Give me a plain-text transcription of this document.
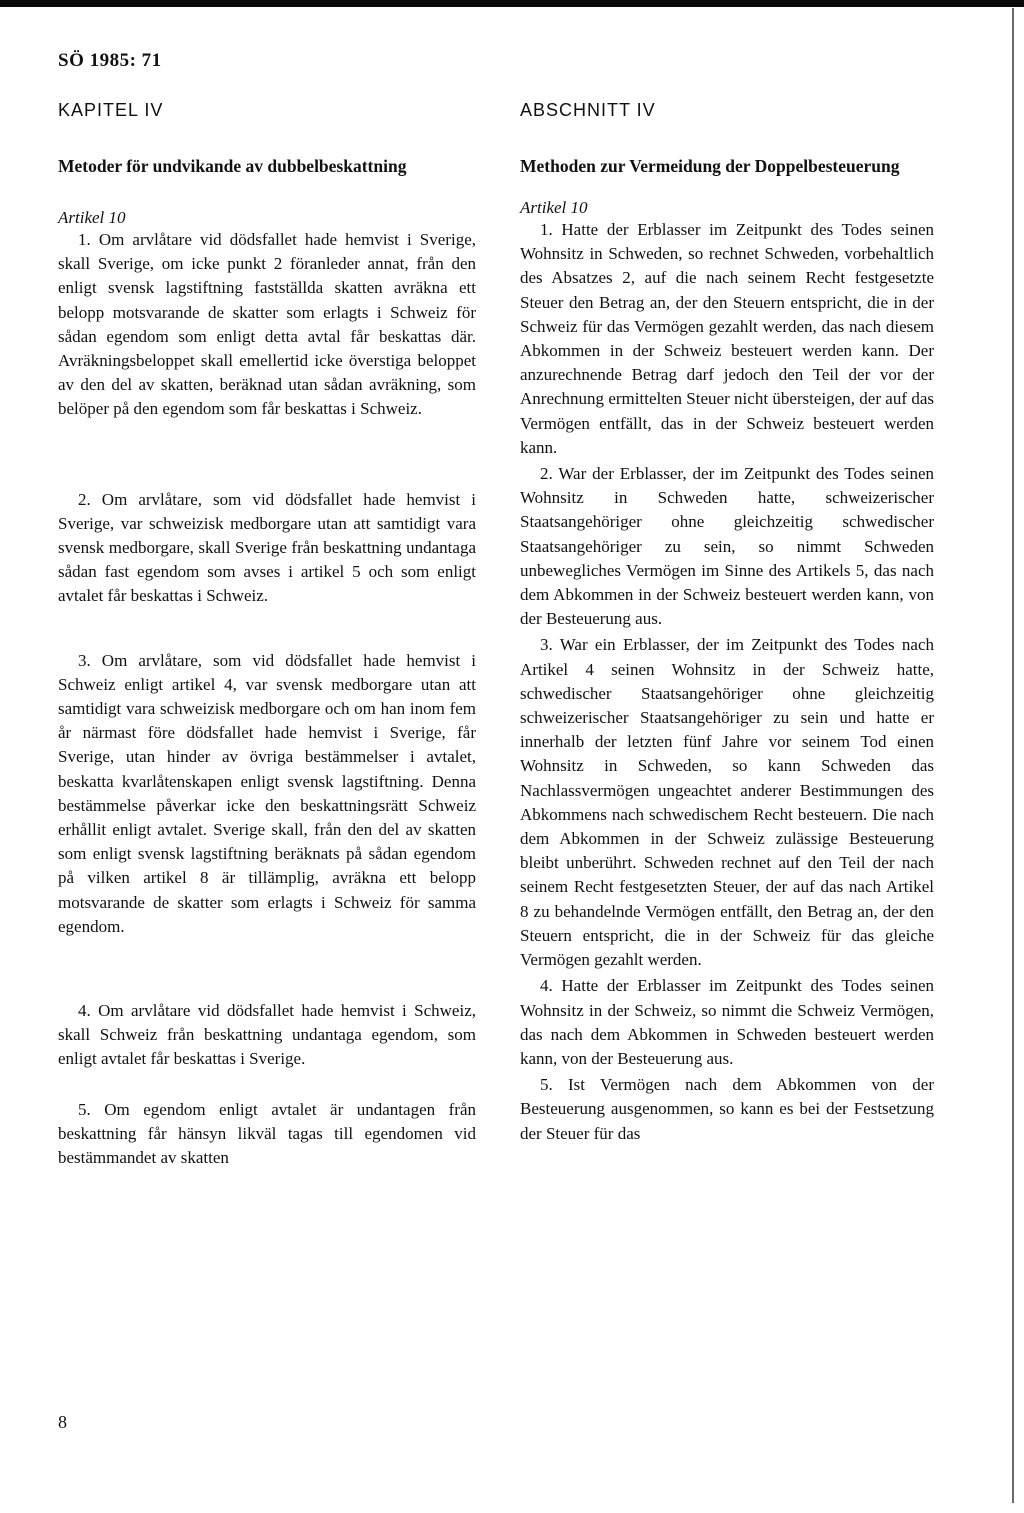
SÖ 1985: 71
KAPITEL IV

Metoder för undvikande av dubbelbeskattning

Artikel 10

1. Om arvlåtare vid dödsfallet hade hemvist i Sverige, skall Sverige, om icke punkt 2 föranleder annat, från den enligt svensk lagstiftning fastställda skatten avräkna ett belopp motsvarande de skatter som erlagts i Schweiz för sådan egendom som enligt detta avtal får beskattas där. Avräkningsbeloppet skall emellertid icke överstiga beloppet av den del av skatten, beräknad utan sådan avräkning, som belöper på den egendom som får beskattas i Schweiz.

2. Om arvlåtare, som vid dödsfallet hade hemvist i Sverige, var schweizisk medborgare utan att samtidigt vara svensk medborgare, skall Sverige från beskattning undantaga sådan fast egendom som avses i artikel 5 och som enligt avtalet får beskattas i Schweiz.

3. Om arvlåtare, som vid dödsfallet hade hemvist i Schweiz enligt artikel 4, var svensk medborgare utan att samtidigt vara schweizisk medborgare och om han inom fem år närmast före dödsfallet hade hemvist i Sverige, får Sverige, utan hinder av övriga bestämmelser i avtalet, beskatta kvarlåtenskapen enligt svensk lagstiftning. Denna bestämmelse påverkar icke den beskattningsrätt Schweiz erhållit enligt avtalet. Sverige skall, från den del av skatten som enligt svensk lagstiftning beräknats på sådan egendom på vilken artikel 8 är tillämplig, avräkna ett belopp motsvarande de skatter som erlagts i Schweiz för samma egendom.

4. Om arvlåtare vid dödsfallet hade hemvist i Schweiz, skall Schweiz från beskattning undantaga egendom, som enligt avtalet får beskattas i Sverige.

5. Om egendom enligt avtalet är undantagen från beskattning får hänsyn likväl tagas till egendomen vid bestämmandet av skatten

ABSCHNITT IV

Methoden zur Vermeidung der Doppelbesteuerung

Artikel 10

1. Hatte der Erblasser im Zeitpunkt des Todes seinen Wohnsitz in Schweden, so rechnet Schweden, vorbehaltlich des Absatzes 2, auf die nach seinem Recht festgesetzte Steuer den Betrag an, der den Steuern entspricht, die in der Schweiz für das Vermögen gezahlt werden, das nach diesem Abkommen in der Schweiz besteuert werden kann. Der anzurechnende Betrag darf jedoch den Teil der vor der Anrechnung ermittelten Steuer nicht übersteigen, der auf das Vermögen entfällt, das in der Schweiz besteuert werden kann.

2. War der Erblasser, der im Zeitpunkt des Todes seinen Wohnsitz in Schweden hatte, schweizerischer Staatsangehöriger ohne gleichzeitig schwedischer Staatsangehöriger zu sein, so nimmt Schweden unbewegliches Vermögen im Sinne des Artikels 5, das nach dem Abkommen in der Schweiz besteuert werden kann, von der Besteuerung aus.

3. War ein Erblasser, der im Zeitpunkt des Todes nach Artikel 4 seinen Wohnsitz in der Schweiz hatte, schwedischer Staatsangehöriger ohne gleichzeitig schweizerischer Staatsangehöriger zu sein und hatte er innerhalb der letzten fünf Jahre vor seinem Tod einen Wohnsitz in Schweden, so kann Schweden das Nachlassvermögen ungeachtet anderer Bestimmungen des Abkommens nach schwedischem Recht besteuern. Die nach dem Abkommen in der Schweiz zulässige Besteuerung bleibt unberührt. Schweden rechnet auf den Teil der nach seinem Recht festgesetzten Steuer, der auf das nach Artikel 8 zu behandelnde Vermögen entfällt, den Betrag an, der den Steuern entspricht, die in der Schweiz für das gleiche Vermögen gezahlt werden.

4. Hatte der Erblasser im Zeitpunkt des Todes seinen Wohnsitz in der Schweiz, so nimmt die Schweiz Vermögen, das nach dem Abkommen in Schweden besteuert werden kann, von der Besteuerung aus.

5. Ist Vermögen nach dem Abkommen von der Besteuerung ausgenommen, so kann es bei der Festsetzung der Steuer für das

8
